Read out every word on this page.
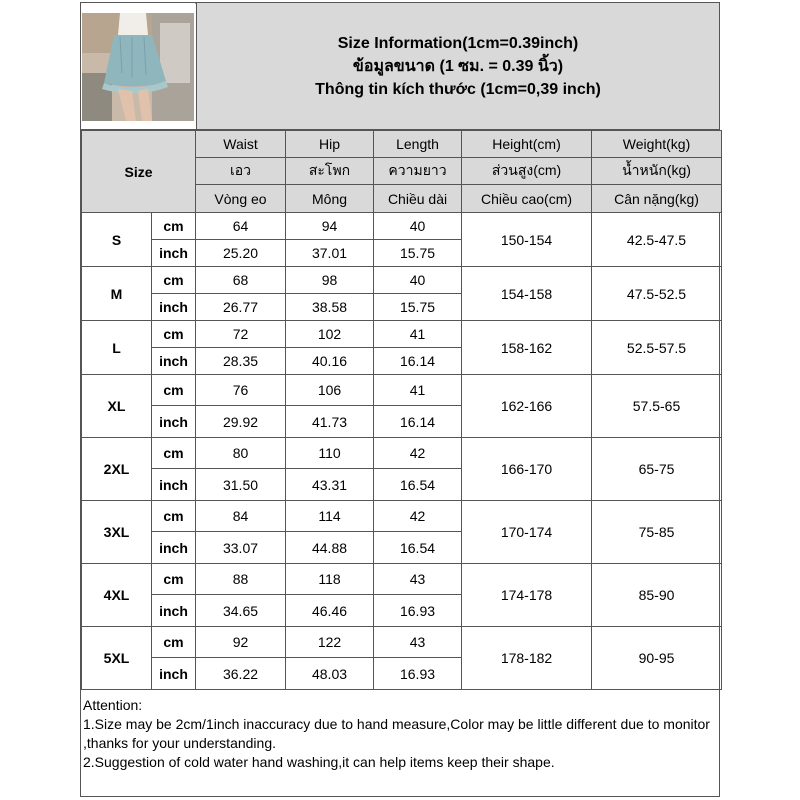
Size Information(1cm=0.39inch)
ข้อมูลขนาด (1 ซม. = 0.39 นิ้ว)
Thông tin kích thước (1cm=0,39 inch)
Size		Waist	Hip	Length	Height(cm)	Weight(kg)
		เอว	สะโพก	ความยาว	ส่วนสูง(cm)	น้ำหนัก(kg)
		Vòng eo	Mông	Chiều dài	Chiều cao(cm)	Cân nặng(kg)
S	cm	64	94	40	150-154	42.5-47.5
	inch	25.20	37.01	15.75		
M	cm	68	98	40	154-158	47.5-52.5
	inch	26.77	38.58	15.75		
L	cm	72	102	41	158-162	52.5-57.5
	inch	28.35	40.16	16.14		
XL	cm	76	106	41	162-166	57.5-65
	inch	29.92	41.73	16.14		
2XL	cm	80	110	42	166-170	65-75
	inch	31.50	43.31	16.54		
3XL	cm	84	114	42	170-174	75-85
	inch	33.07	44.88	16.54		
4XL	cm	88	118	43	174-178	85-90
	inch	34.65	46.46	16.93		
5XL	cm	92	122	43	178-182	90-95
	inch	36.22	48.03	16.93		
Attention:
1.Size may be 2cm/1inch inaccuracy due to hand measure,Color may be little different due to monitor ,thanks for your understanding.
2.Suggestion of cold water hand washing,it can help items keep their shape.
